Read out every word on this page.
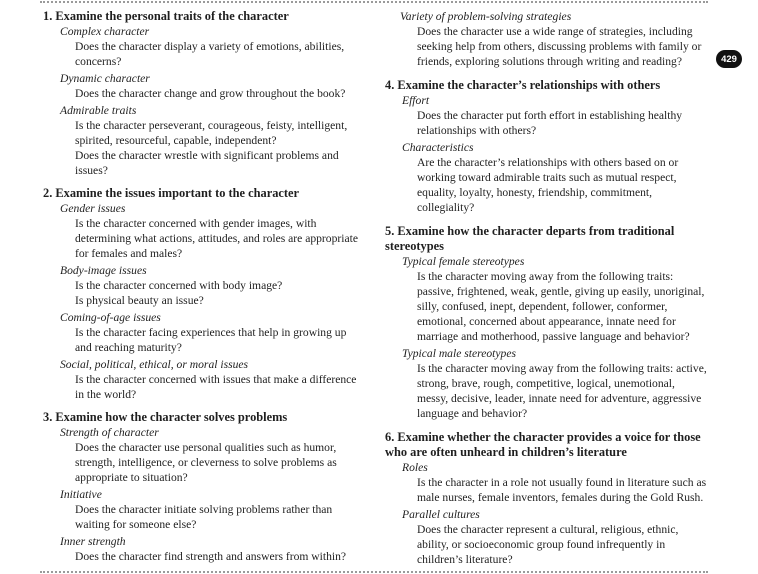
1. Examine the personal traits of the character
Complex character
Does the character display a variety of emotions, abilities, concerns?
Dynamic character
Does the character change and grow throughout the book?
Admirable traits
Is the character perseverant, courageous, feisty, intelligent, spirited, resourceful, capable, independent?
Does the character wrestle with significant problems and issues?
2. Examine the issues important to the character
Gender issues
Is the character concerned with gender images, with determining what actions, attitudes, and roles are appropriate for females and males?
Body-image issues
Is the character concerned with body image?
Is physical beauty an issue?
Coming-of-age issues
Is the character facing experiences that help in growing up and reaching maturity?
Social, political, ethical, or moral issues
Is the character concerned with issues that make a difference in the world?
3. Examine how the character solves problems
Strength of character
Does the character use personal qualities such as humor, strength, intelligence, or cleverness to solve problems as appropriate to situation?
Initiative
Does the character initiate solving problems rather than waiting for someone else?
Inner strength
Does the character find strength and answers from within?
Variety of problem-solving strategies
Does the character use a wide range of strategies, including seeking help from others, discussing problems with family or friends, exploring solutions through writing and reading?
4. Examine the character’s relationships with others
Effort
Does the character put forth effort in establishing healthy relationships with others?
Characteristics
Are the character’s relationships with others based on or working toward admirable traits such as mutual respect, equality, loyalty, honesty, friendship, commitment, collegiality?
5. Examine how the character departs from traditional stereotypes
Typical female stereotypes
Is the character moving away from the following traits: passive, frightened, weak, gentle, giving up easily, unoriginal, silly, confused, inept, dependent, follower, conformer, emotional, concerned about appearance, innate need for marriage and motherhood, passive language and behavior?
Typical male stereotypes
Is the character moving away from the following traits: active, strong, brave, rough, competitive, logical, unemotional, messy, decisive, leader, innate need for adventure, aggressive language and behavior?
6. Examine whether the character provides a voice for those who are often unheard in children’s literature
Roles
Is the character in a role not usually found in literature such as male nurses, female inventors, females during the Gold Rush.
Parallel cultures
Does the character represent a cultural, religious, ethnic, ability, or socioeconomic group found infrequently in children’s literature?
429
